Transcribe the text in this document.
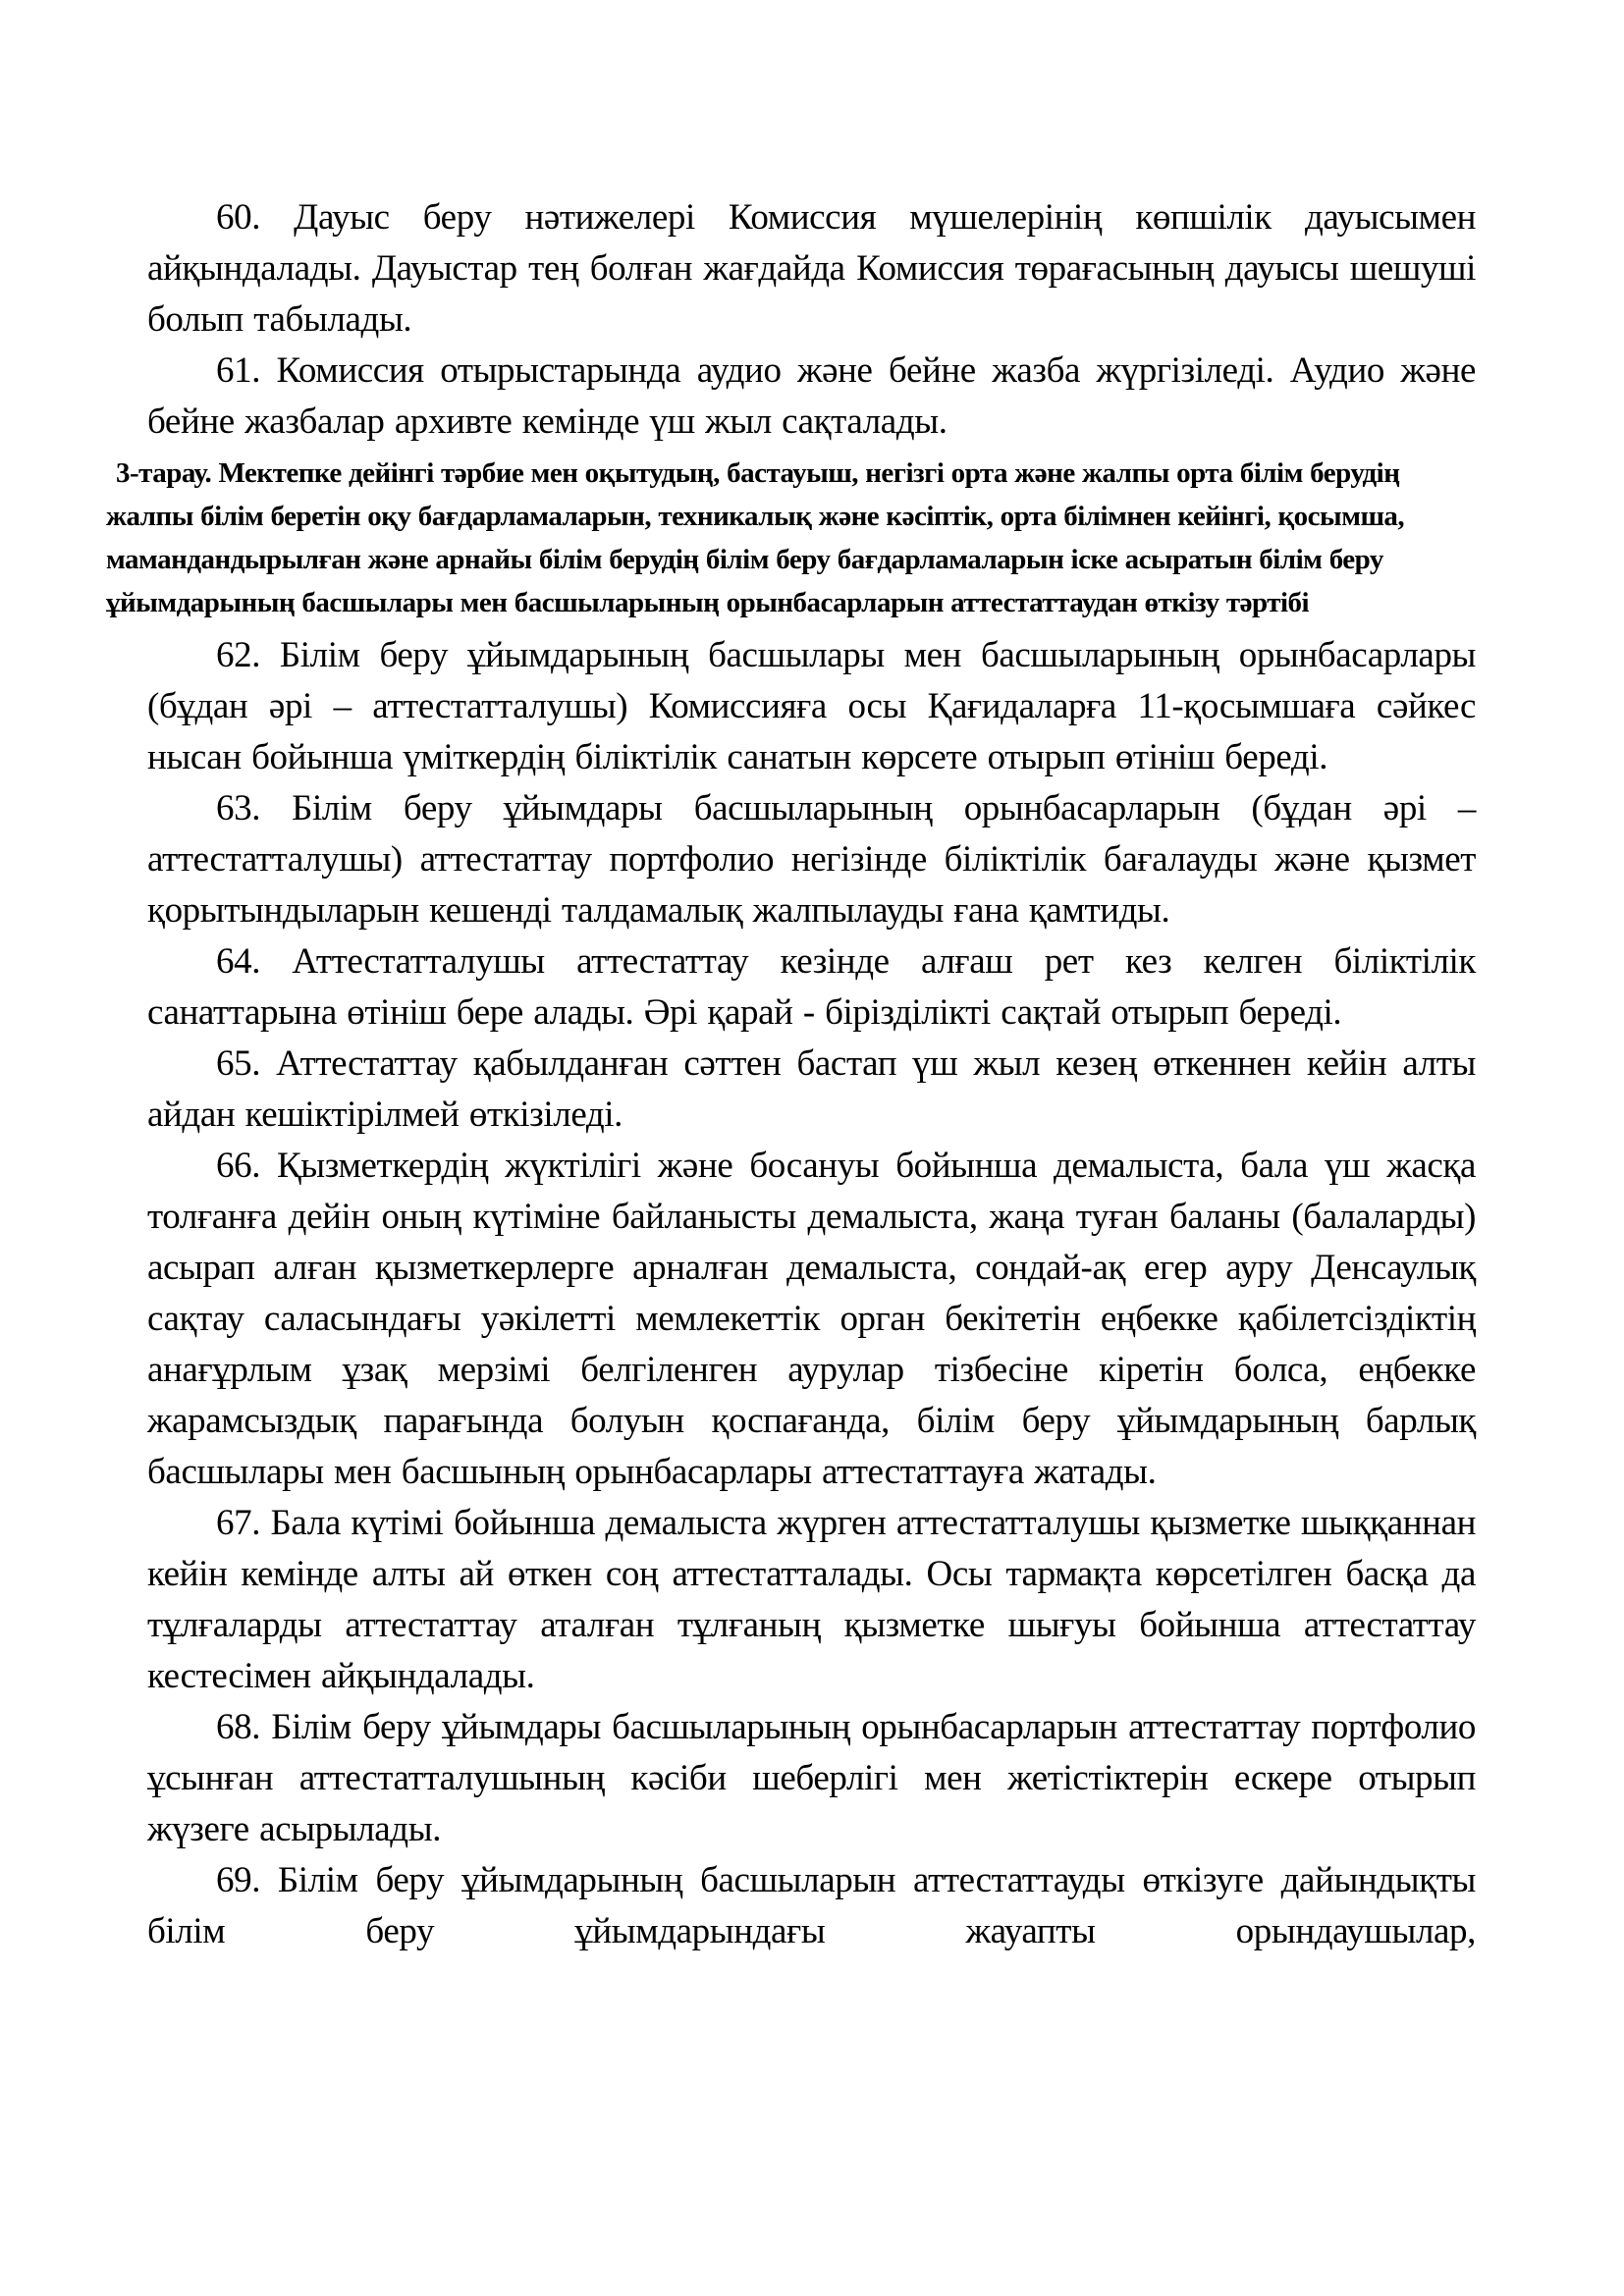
60. Дауыс беру нәтижелері Комиссия мүшелерінің көпшілік дауысымен айқындалады. Дауыстар тең болған жағдайда Комиссия төрағасының дауысы шешуші болып табылады.

61. Комиссия отырыстарында аудио және бейне жазба жүргізіледі. Аудио және бейне жазбалар архивте кемінде үш жыл сақталады.

3-тарау. Мектепке дейінгі тәрбие мен оқытудың, бастауыш, негізгі орта және жалпы орта білім берудің жалпы білім беретін оқу бағдарламаларын, техникалық және кәсіптік, орта білімнен кейінгі, қосымша, мамандандырылған және арнайы білім берудің білім беру бағдарламаларын іске асыратын білім беру ұйымдарының басшылары мен басшыларының орынбасарларын аттестаттаудан өткізу тәртібі

62. Білім беру ұйымдарының басшылары мен басшыларының орынбасарлары (бұдан әрі – аттестатталушы) Комиссияға осы Қағидаларға 11-қосымшаға сәйкес нысан бойынша үміткердің біліктілік санатын көрсете отырып өтініш береді.

63. Білім беру ұйымдары басшыларының орынбасарларын (бұдан әрі – аттестатталушы) аттестаттау портфолио негізінде біліктілік бағалауды және қызмет қорытындыларын кешенді талдамалық жалпылауды ғана қамтиды.

64. Аттестатталушы аттестаттау кезінде алғаш рет кез келген біліктілік санаттарына өтініш бере алады. Әрі қарай - бірізділікті сақтай отырып береді.

65. Аттестаттау қабылданған сәттен бастап үш жыл кезең өткеннен кейін алты айдан кешіктірілмей өткізіледі.

66. Қызметкердің жүктілігі және босануы бойынша демалыста, бала үш жасқа толғанға дейін оның күтіміне байланысты демалыста, жаңа туған баланы (балаларды) асырап алған қызметкерлерге арналған демалыста, сондай-ақ егер ауру Денсаулық сақтау саласындағы уәкілетті мемлекеттік орган бекітетін еңбекке қабілетсіздіктің анағұрлым ұзақ мерзімі белгіленген аурулар тізбесіне кіретін болса, еңбекке жарамсыздық парағында болуын қоспағанда, білім беру ұйымдарының барлық басшылары мен басшының орынбасарлары аттестаттауға жатады.

67. Бала күтімі бойынша демалыста жүрген аттестатталушы қызметке шыққаннан кейін кемінде алты ай өткен соң аттестатталады. Осы тармақта көрсетілген басқа да тұлғаларды аттестаттау аталған тұлғаның қызметке шығуы бойынша аттестаттау кестесімен айқындалады.

68. Білім беру ұйымдары басшыларының орынбасарларын аттестаттау портфолио ұсынған аттестатталушының кәсіби шеберлігі мен жетістіктерін ескере отырып жүзеге асырылады.

69. Білім беру ұйымдарының басшыларын аттестаттауды өткізуге дайындықты білім беру ұйымдарындағы жауапты орындаушылар,
